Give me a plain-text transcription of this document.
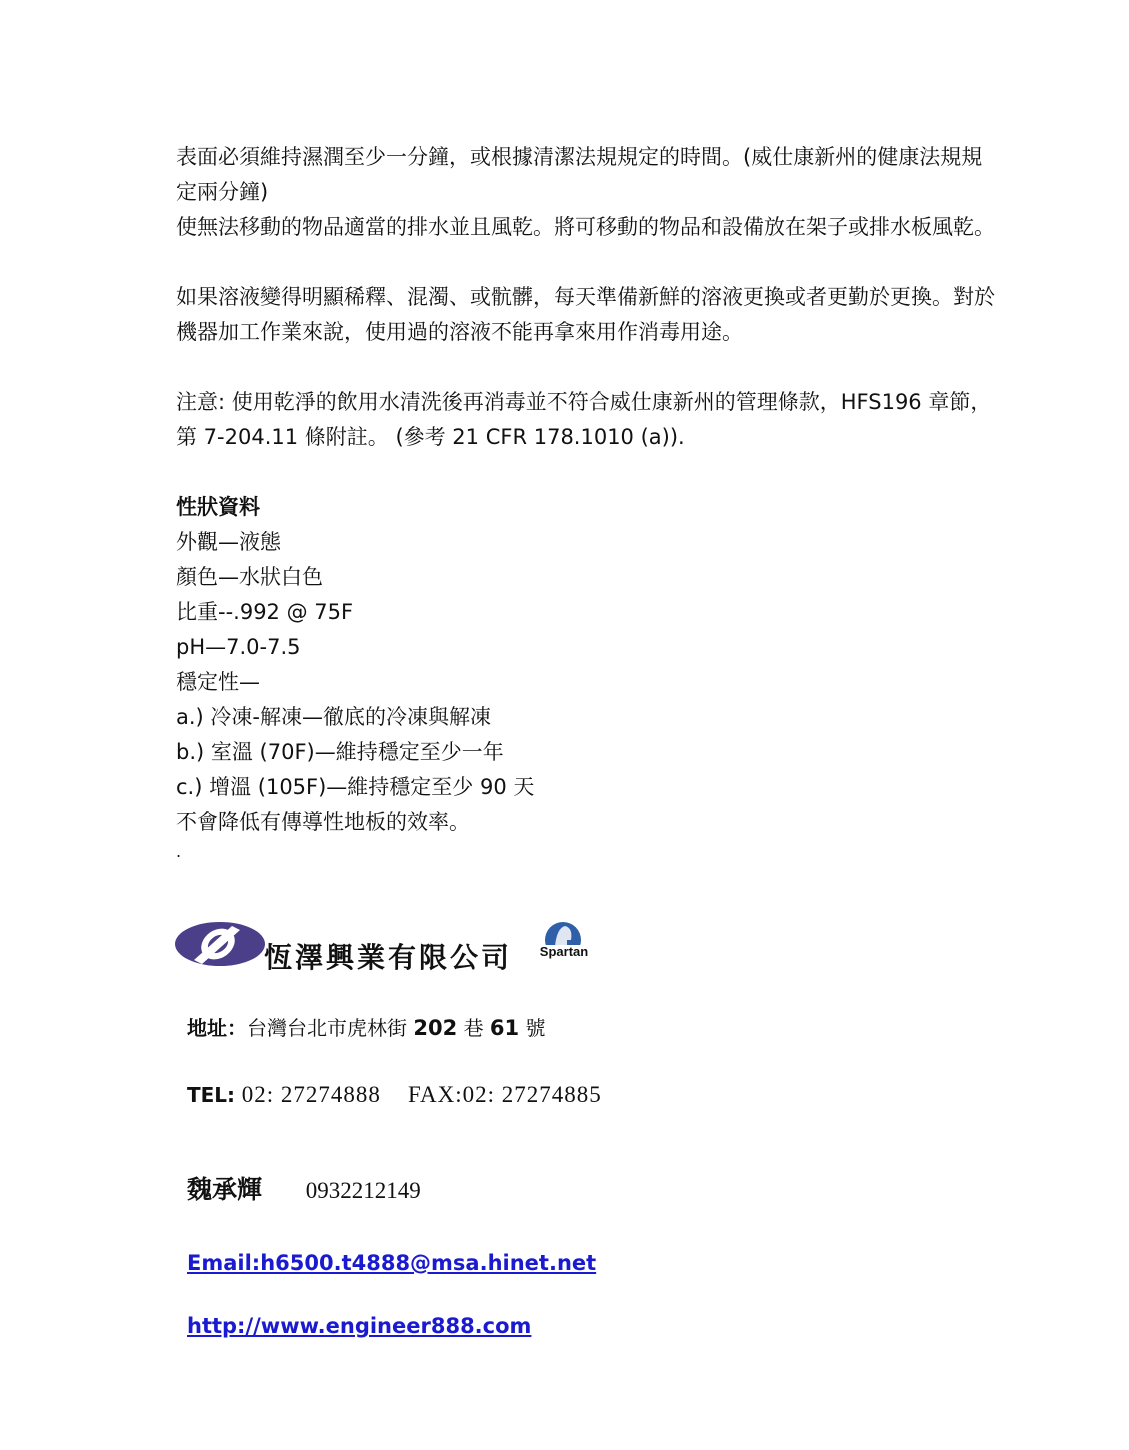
表面必須維持濕潤至少一分鐘，或根據清潔法規規定的時間。(威仕康新州的健康法規規定兩分鐘)

使無法移動的物品適當的排水並且風乾。將可移動的物品和設備放在架子或排水板風乾。

如果溶液變得明顯稀釋、混濁、或骯髒，每天準備新鮮的溶液更換或者更勤於更換。對於機器加工作業來說，使用過的溶液不能再拿來用作消毒用途。

注意: 使用乾淨的飲用水清洗後再消毒並不符合威仕康新州的管理條款，HFS196 章節，第 7-204.11 條附註。 (參考 21 CFR 178.1010 (a)).

性狀資料

外觀—液態

顏色—水狀白色

比重--.992 @ 75F

pH—7.0-7.5

穩定性—

a.) 冷凍-解凍—徹底的冷凍與解凍

b.) 室溫 (70F)—維持穩定至少一年

c.) 增溫 (105F)—維持穩定至少 90 天

不會降低有傳導性地板的效率。

.

恆澤興業有限公司 Spartan
地址：台灣台北市虎林街 202 巷 61 號
TEL: 02: 27274888 FAX:02: 27274885
魏承輝 0932212149
Email:h6500.t4888@msa.hinet.net
http://www.engineer888.com
